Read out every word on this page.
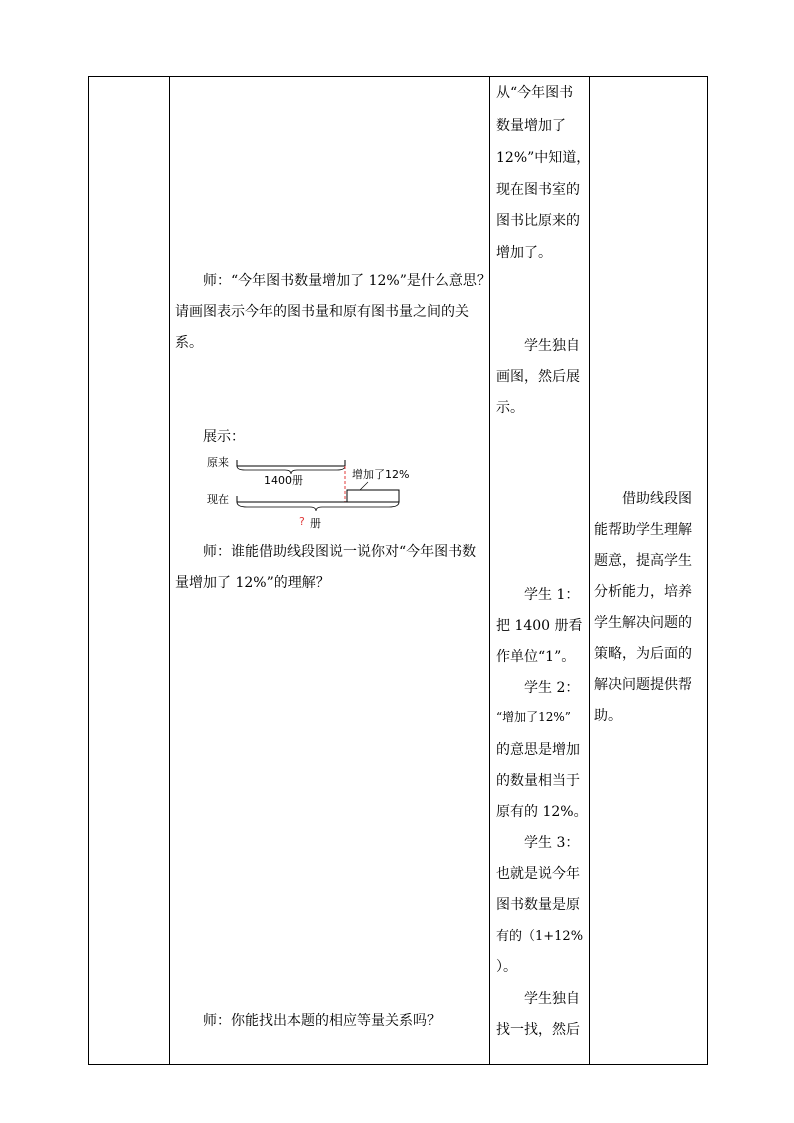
师：“今年图书数量增加了 12%”是什么意思？

请画图表示今年的图书量和原有图书量之间的关

系。

展示：

原来
现在
1400册	增加了12%
? 册

师：谁能借助线段图说一说你对“今年图书数

量增加了 12%”的理解？

师：你能找出本题的相应等量关系吗？

从“今年图书

数量增加了

12%”中知道，

现在图书室的

图书比原来的

增加了。

学生独自

画图，然后展

示。

学生 1：

把 1400 册看

作单位“1”。

学生 2：

“增加了12%”

的意思是增加

的数量相当于

原有的 12%。

学生 3：

也就是说今年

图书数量是原

有的（1+12%

）。

学生独自

找一找，然后

借助线段图

能帮助学生理解

题意，提高学生

分析能力，培养

学生解决问题的

策略，为后面的

解决问题提供帮

助。
